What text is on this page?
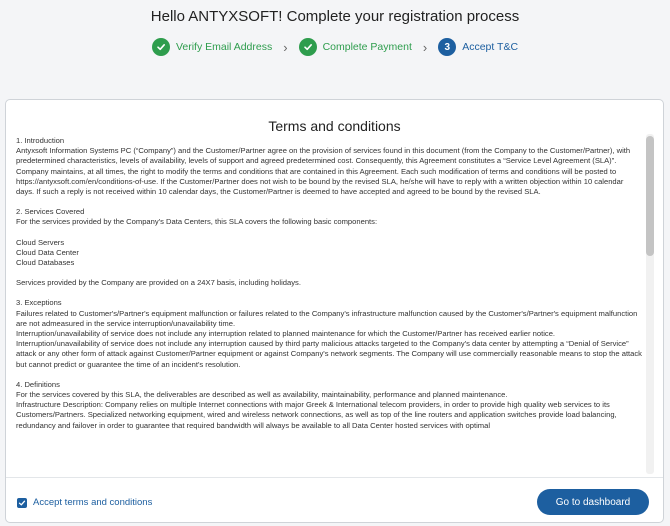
Hello ANTYXSOFT! Complete your registration process
Verify Email Address ›	Complete Payment ›	3	Accept T&C
Terms and conditions

1. Introduction

Antyxsoft Information Systems PC (“Company”) and the Customer/Partner agree on the provision of services found in this document (from the Company to the Customer/Partner), with predetermined characteristics, levels of availability, levels of support and agreed predetermined cost. Consequently, this Agreement constitutes a “Service Level Agreement (SLA)”.

Company maintains, at all times, the right to modify the terms and conditions that are contained in this Agreement. Each such modification of terms and conditions will be posted to https://antyxsoft.com/en/conditions-of-use. If the Customer/Partner does not wish to be bound by the revised SLA, he/she will have to reply with a written objection within 10 calendar days. If such a reply is not received within 10 calendar days, the Customer/Partner is deemed to have accepted and agreed to be bound by the revised SLA.

2. Services Covered

For the services provided by the Company's Data Centers, this SLA covers the following basic components:

Cloud Servers

Cloud Data Center

Cloud Databases

Services provided by the Company are provided on a 24X7 basis, including holidays.

3. Exceptions

Failures related to Customer's/Partner's equipment malfunction or failures related to the Company's infrastructure malfunction caused by the Customer's/Partner's equipment malfunction are not admeasured in the service interruption/unavailability time.

Interruption/unavailability of service does not include any interruption related to planned maintenance for which the Customer/Partner has received earlier notice.

Interruption/unavailability of service does not include any interruption caused by third party malicious attacks targeted to the Company's data center by attempting a “Denial of Service” attack or any other form of attack against Customer/Partner equipment or against Company's network segments. The Company will use commercially reasonable means to stop the attack but cannot predict or guarantee the time of an incident's resolution.

4. Definitions

For the services covered by this SLA, the deliverables are described as well as availability, maintainability, performance and planned maintenance.

Infrastructure Description: Company relies on multiple Internet connections with major Greek & International telecom providers, in order to provide high quality web services to its Customers/Partners. Specialized networking equipment, wired and wireless network connections, as well as top of the line routers and application switches provide load balancing, redundancy and failover in order to guarantee that required bandwidth will always be available to all Data Center hosted services with optimal

Accept terms and conditions	Go to dashboard
